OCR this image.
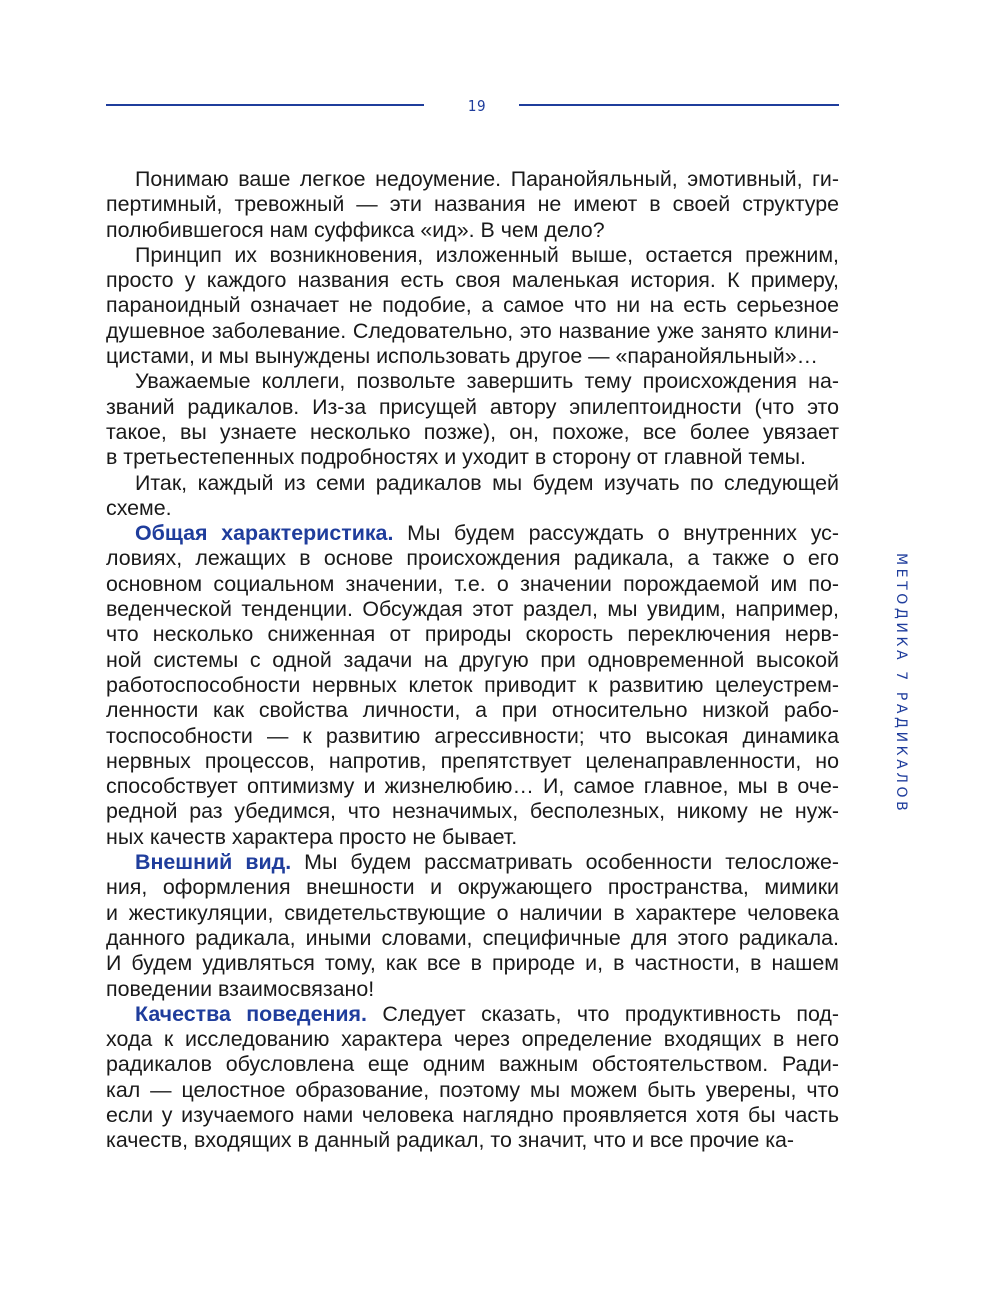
19
МЕТОДИКА 7 РАДИКАЛОВ

Понимаю ваше легкое недоумение. Паранойяльный, эмотивный, ги-
пертимный, тревожный — эти названия не имеют в своей структуре
полюбившегося нам суффикса «ид». В чем дело?

Принцип их возникновения, изложенный выше, остается прежним,
просто у каждого названия есть своя маленькая история. К примеру,
параноидный означает не подобие, а самое что ни на есть серьезное
душевное заболевание. Следовательно, это название уже занято клини-
цистами, и мы вынуждены использовать другое — «паранойяльный»…

Уважаемые коллеги, позвольте завершить тему происхождения на-
званий радикалов. Из-за присущей автору эпилептоидности (что это
такое, вы узнаете несколько позже), он, похоже, все более увязает
в третьестепенных подробностях и уходит в сторону от главной темы.

Итак, каждый из семи радикалов мы будем изучать по следующей
схеме.

Общая характеристика. Мы будем рассуждать о внутренних ус-
ловиях, лежащих в основе происхождения радикала, а также о его
основном социальном значении, т.е. о значении порождаемой им по-
веденческой тенденции. Обсуждая этот раздел, мы увидим, например,
что несколько сниженная от природы скорость переключения нерв-
ной системы с одной задачи на другую при одновременной высокой
работоспособности нервных клеток приводит к развитию целеустрем-
ленности как свойства личности, а при относительно низкой рабо-
тоспособности — к развитию агрессивности; что высокая динамика
нервных процессов, напротив, препятствует целенаправленности, но
способствует оптимизму и жизнелюбию… И, самое главное, мы в оче-
редной раз убедимся, что незначимых, бесполезных, никому не нуж-
ных качеств характера просто не бывает.

Внешний вид. Мы будем рассматривать особенности телосложе-
ния, оформления внешности и окружающего пространства, мимики
и жестикуляции, свидетельствующие о наличии в характере человека
данного радикала, иными словами, специфичные для этого радикала.
И будем удивляться тому, как все в природе и, в частности, в нашем
поведении взаимосвязано!

Качества поведения. Следует сказать, что продуктивность под-
хода к исследованию характера через определение входящих в него
радикалов обусловлена еще одним важным обстоятельством. Ради-
кал — целостное образование, поэтому мы можем быть уверены, что
если у изучаемого нами человека наглядно проявляется хотя бы часть
качеств, входящих в данный радикал, то значит, что и все прочие ка-
